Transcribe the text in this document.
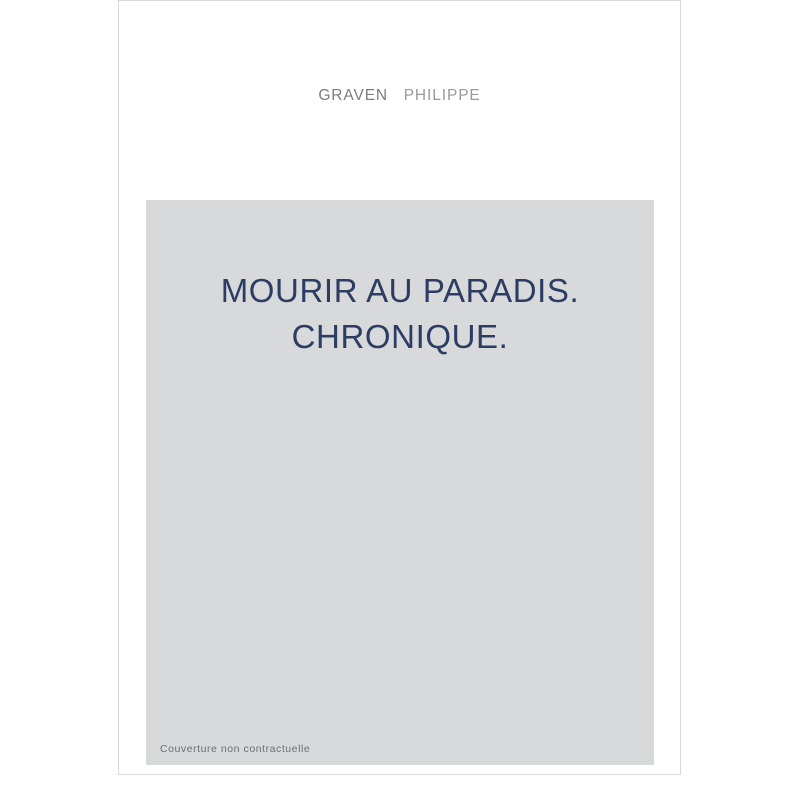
GRAVEN PHILIPPE
MOURIR AU PARADIS.
CHRONIQUE.
Couverture non contractuelle
